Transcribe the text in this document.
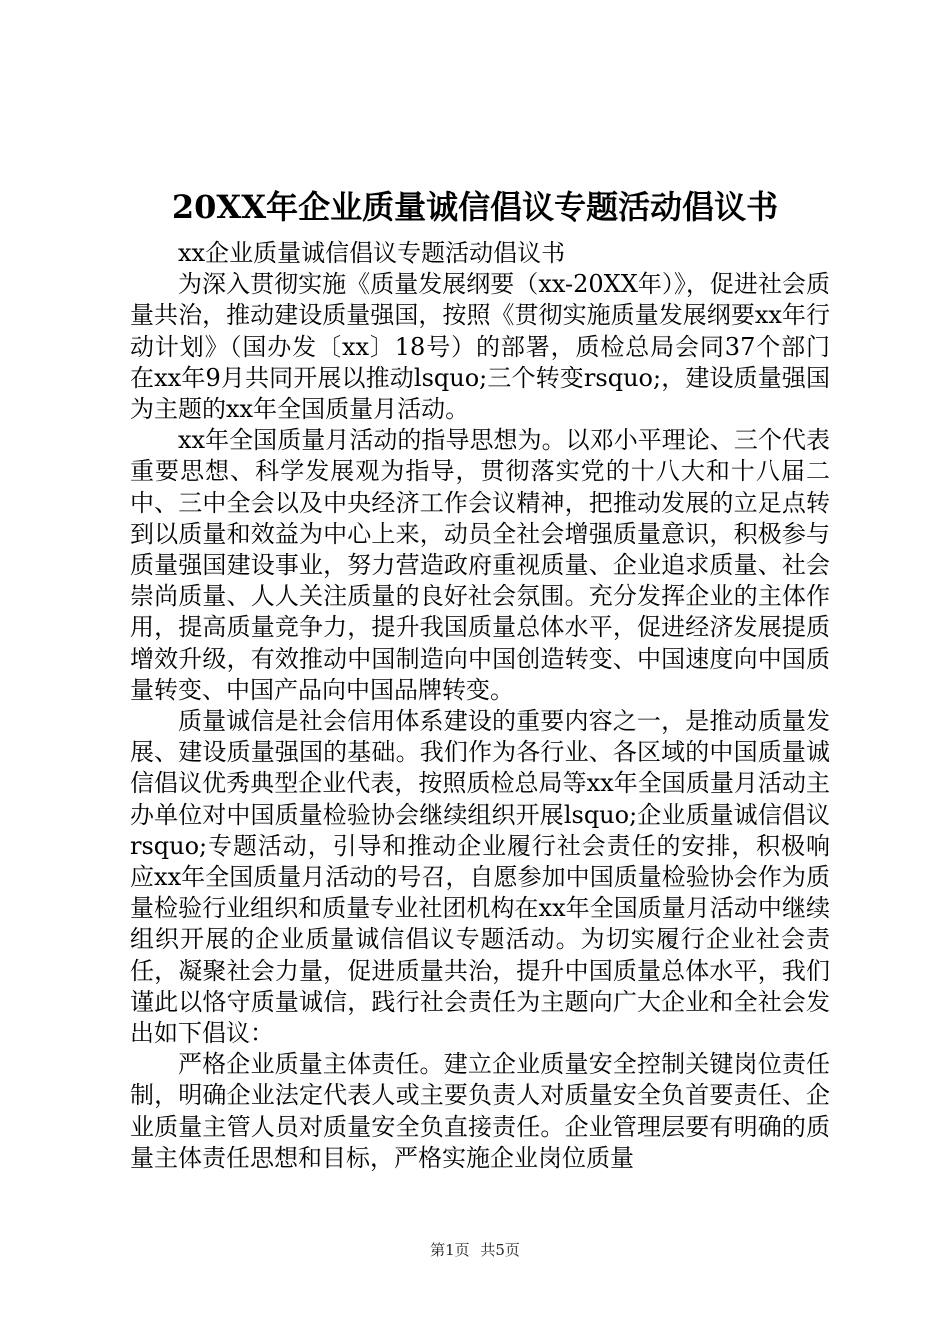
20XX年企业质量诚信倡议专题活动倡议书

xx企业质量诚信倡议专题活动倡议书

为深入贯彻实施《质量发展纲要（xx-20XX年）》，促进社会质量共治，推动建设质量强国，按照《贯彻实施质量发展纲要xx年行动计划》（国办发〔xx〕18号）的部署，质检总局会同37个部门在xx年9月共同开展以推动lsquo;三个转变rsquo;，建设质量强国为主题的xx年全国质量月活动。

xx年全国质量月活动的指导思想为。以邓小平理论、三个代表重要思想、科学发展观为指导，贯彻落实党的十八大和十八届二中、三中全会以及中央经济工作会议精神，把推动发展的立足点转到以质量和效益为中心上来，动员全社会增强质量意识，积极参与质量强国建设事业，努力营造政府重视质量、企业追求质量、社会崇尚质量、人人关注质量的良好社会氛围。充分发挥企业的主体作用，提高质量竞争力，提升我国质量总体水平，促进经济发展提质增效升级，有效推动中国制造向中国创造转变、中国速度向中国质量转变、中国产品向中国品牌转变。

质量诚信是社会信用体系建设的重要内容之一，是推动质量发展、建设质量强国的基础。我们作为各行业、各区域的中国质量诚信倡议优秀典型企业代表，按照质检总局等xx年全国质量月活动主办单位对中国质量检验协会继续组织开展lsquo;企业质量诚信倡议rsquo;专题活动，引导和推动企业履行社会责任的安排，积极响应xx年全国质量月活动的号召，自愿参加中国质量检验协会作为质量检验行业组织和质量专业社团机构在xx年全国质量月活动中继续组织开展的企业质量诚信倡议专题活动。为切实履行企业社会责任，凝聚社会力量，促进质量共治，提升中国质量总体水平，我们谨此以恪守质量诚信，践行社会责任为主题向广大企业和全社会发出如下倡议：

严格企业质量主体责任。建立企业质量安全控制关键岗位责任制，明确企业法定代表人或主要负责人对质量安全负首要责任、企业质量主管人员对质量安全负直接责任。企业管理层要有明确的质量主体责任思想和目标，严格实施企业岗位质量

第1页 共5页
